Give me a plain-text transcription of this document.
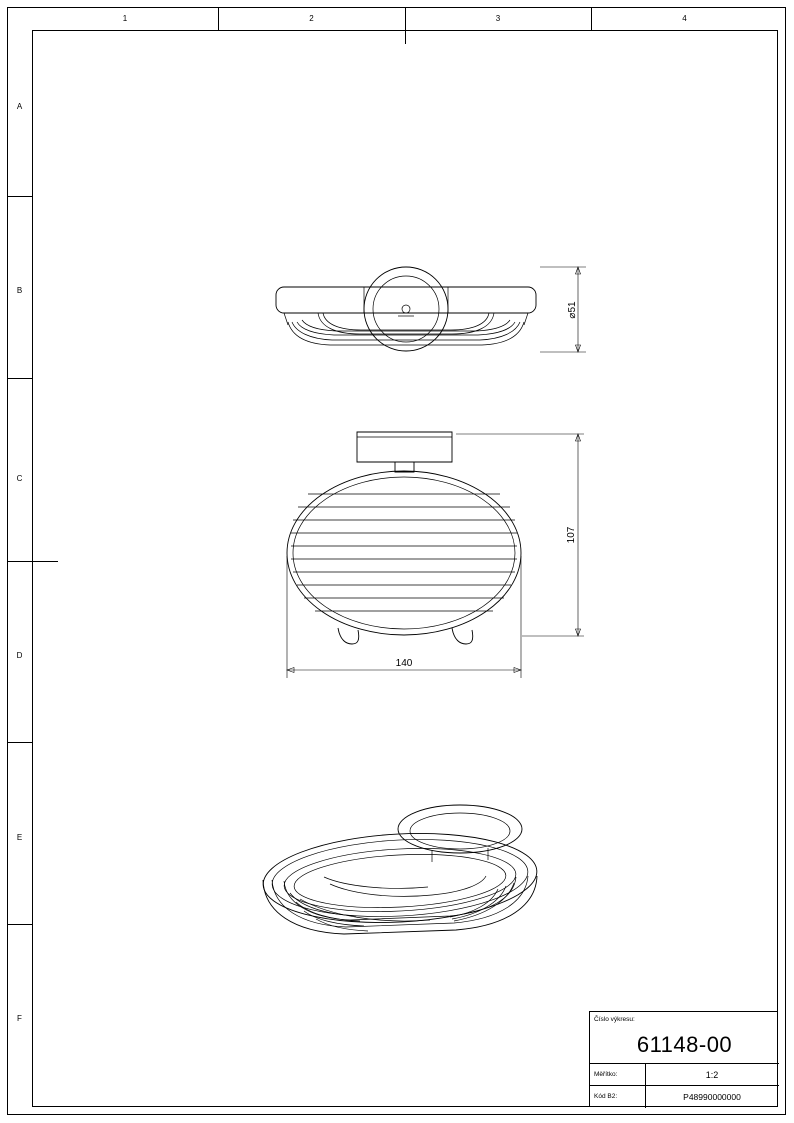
1	2	3	4
A
B
C
D
E
F
⌀51
107
140
Číslo výkresu:
61148-00
Měřítko:	1:2
Kód B2:	P48990000000
